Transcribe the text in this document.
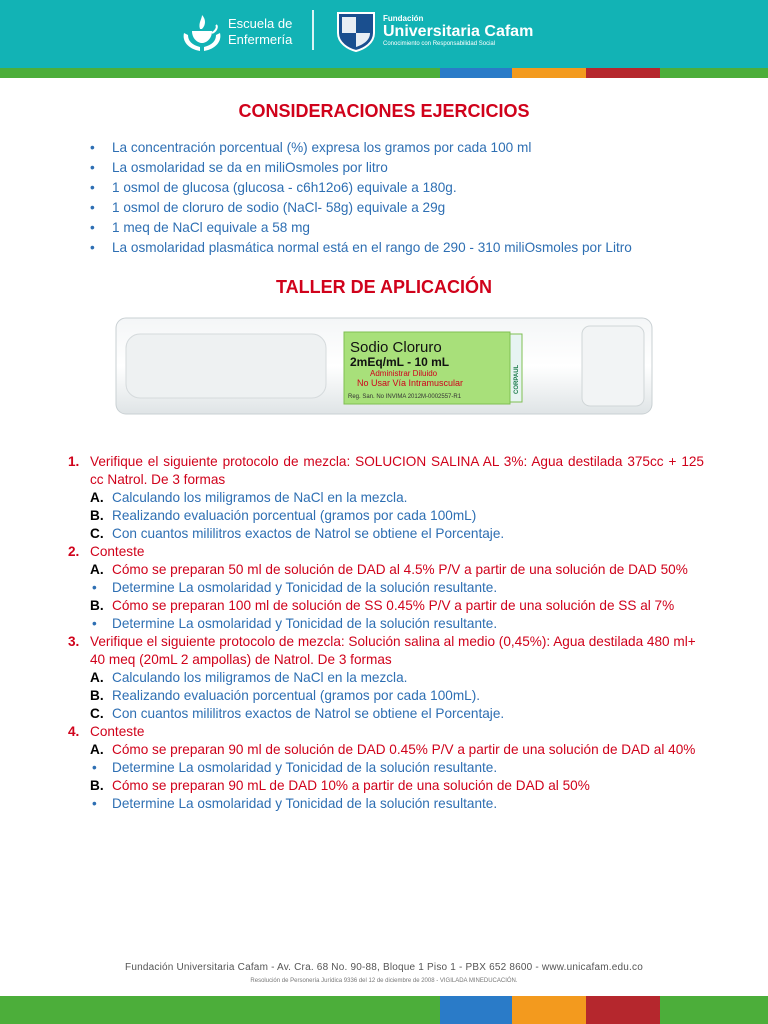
Escuela de
Enfermería
Fundación
Universitaria Cafam
Conocimiento con Responsabilidad Social
CONSIDERACIONES EJERCICIOS
• La concentración porcentual (%) expresa los gramos por cada 100 ml
• La osmolaridad se da en miliOsmoles por litro
• 1 osmol de glucosa (glucosa - c6h12o6) equivale a 180g.
• 1 osmol de cloruro de sodio (NaCl- 58g) equivale a 29g
• 1 meq de NaCl equivale a 58 mg
• La osmolaridad plasmática normal está en el rango de 290 - 310 miliOsmoles por Litro
TALLER DE APLICACIÓN
Sodio Cloruro
2mEq/mL - 10 mL
Administrar Diluido
No Usar Vía Intramuscular
Reg. San. No INVIMA 2012M-0002557-R1
CORPAUL
1. Verifique el siguiente protocolo de mezcla: SOLUCION SALINA AL 3%: Agua destilada 375cc + 125 cc Natrol. De 3 formas
A. Calculando los miligramos de NaCl en la mezcla.
B. Realizando evaluación porcentual (gramos por cada 100mL)
C. Con cuantos mililitros exactos de Natrol se obtiene el Porcentaje.
2. Conteste
A. Cómo se preparan 50 ml de solución de DAD al 4.5% P/V a partir de una solución de DAD 50%
• Determine La osmolaridad y Tonicidad de la solución resultante.
B. Cómo se preparan 100 ml de solución de SS 0.45% P/V a partir de una solución de SS al 7%
• Determine La osmolaridad y Tonicidad de la solución resultante.
3. Verifique el siguiente protocolo de mezcla: Solución salina al medio (0,45%): Agua destilada 480 ml+ 40 meq (20mL 2 ampollas) de Natrol. De 3 formas
A. Calculando los miligramos de NaCl en la mezcla.
B. Realizando evaluación porcentual (gramos por cada 100mL).
C. Con cuantos mililitros exactos de Natrol se obtiene el Porcentaje.
4. Conteste
A. Cómo se preparan 90 ml de solución de DAD 0.45% P/V a partir de una solución de DAD al 40%
• Determine La osmolaridad y Tonicidad de la solución resultante.
B. Cómo se preparan 90 mL de DAD 10% a partir de una solución de DAD al 50%
• Determine La osmolaridad y Tonicidad de la solución resultante.
Fundación Universitaria Cafam - Av. Cra. 68 No. 90-88, Bloque 1 Piso 1 - PBX 652 8600 - www.unicafam.edu.co
Resolución de Personería Jurídica 9336 del 12 de diciembre de 2008 - VIGILADA MINEDUCACIÓN.
